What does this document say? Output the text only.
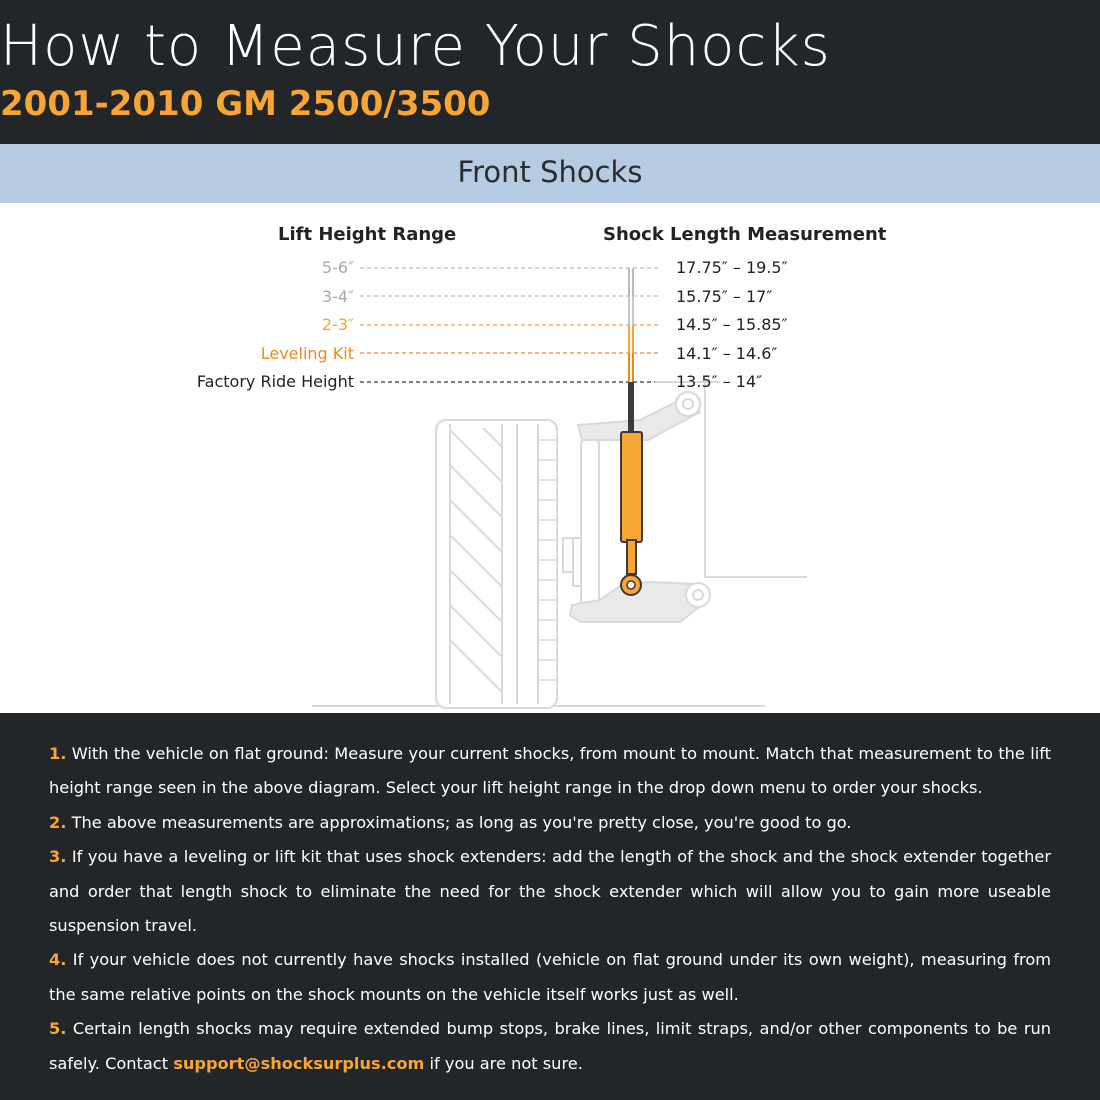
How to Measure Your Shocks
2001-2010 GM 2500/3500
Front Shocks
Lift Height Range	Shock Length Measurement
5-6″
3-4″
2-3″
Leveling Kit
Factory Ride Height
17.75″ – 19.5″
15.75″ – 17″
14.5″ – 15.85″
14.1″ – 14.6″
13.5″ – 14″

1. With the vehicle on flat ground: Measure your current shocks, from mount to mount. Match that measurement to the lift height range seen in the above diagram. Select your lift height range in the drop down menu to order your shocks.

2. The above measurements are approximations; as long as you're pretty close, you're good to go.

3. If you have a leveling or lift kit that uses shock extenders: add the length of the shock and the shock extender together and order that length shock to eliminate the need for the shock extender which will allow you to gain more useable suspension travel.

4. If your vehicle does not currently have shocks installed (vehicle on flat ground under its own weight), measuring from the same relative points on the shock mounts on the vehicle itself works just as well.

5. Certain length shocks may require extended bump stops, brake lines, limit straps, and/or other components to be run safely. Contact support@shocksurplus.com if you are not sure.
